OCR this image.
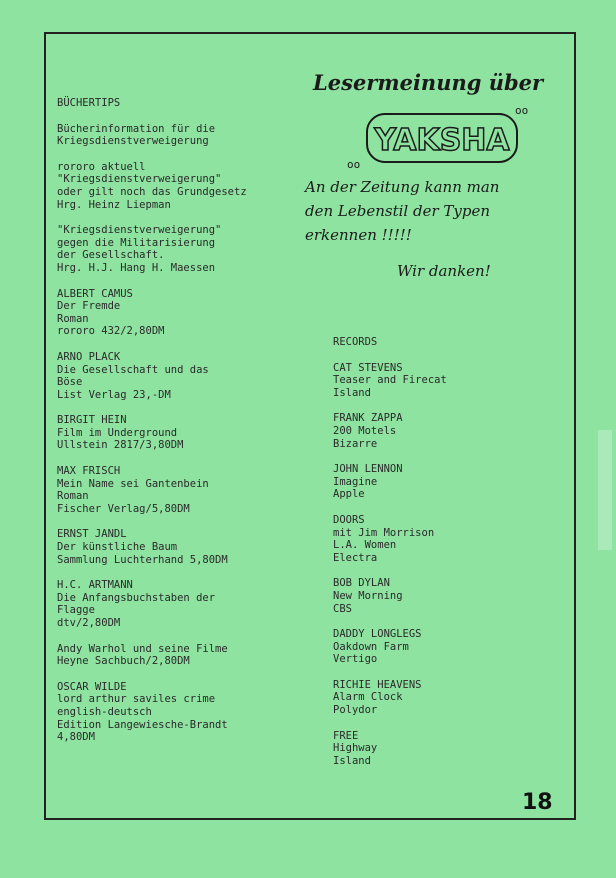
BÜCHERTIPS
Bücherinformation für die
Kriegsdienstverweigerung
rororo aktuell
"Kriegsdienstverweigerung"
oder gilt noch das Grundgesetz
Hrg. Heinz Liepman
"Kriegsdienstverweigerung"
gegen die Militarisierung
der Gesellschaft.
Hrg. H.J. Hang H. Maessen
ALBERT CAMUS
Der Fremde
Roman
rororo 432/2,80DM
ARNO PLACK
Die Gesellschaft und das
Böse
List Verlag 23,-DM
BIRGIT HEIN
Film im Underground
Ullstein 2817/3,80DM
MAX FRISCH
Mein Name sei Gantenbein
Roman
Fischer Verlag/5,80DM
ERNST JANDL
Der künstliche Baum
Sammlung Luchterhand 5,80DM
H.C. ARTMANN
Die Anfangsbuchstaben der
Flagge
dtv/2,80DM
Andy Warhol und seine Filme
Heyne Sachbuch/2,80DM
OSCAR WILDE
lord arthur saviles crime
english-deutsch
Edition Langewiesche-Brandt
4,80DM
RECORDS
CAT STEVENS
Teaser and Firecat
Island
FRANK ZAPPA
200 Motels
Bizarre
JOHN LENNON
Imagine
Apple
DOORS
mit Jim Morrison
L.A. Women
Electra
BOB DYLAN
New Morning
CBS
DADDY LONGLEGS
Oakdown Farm
Vertigo
RICHIE HEAVENS
Alarm Clock
Polydor
FREE
Highway
Island
Lesermeinung über
YAKSHA
oo
oo
An der Zeitung kann man
den Lebenstil der Typen
erkennen !!!!!
Wir danken!
18
